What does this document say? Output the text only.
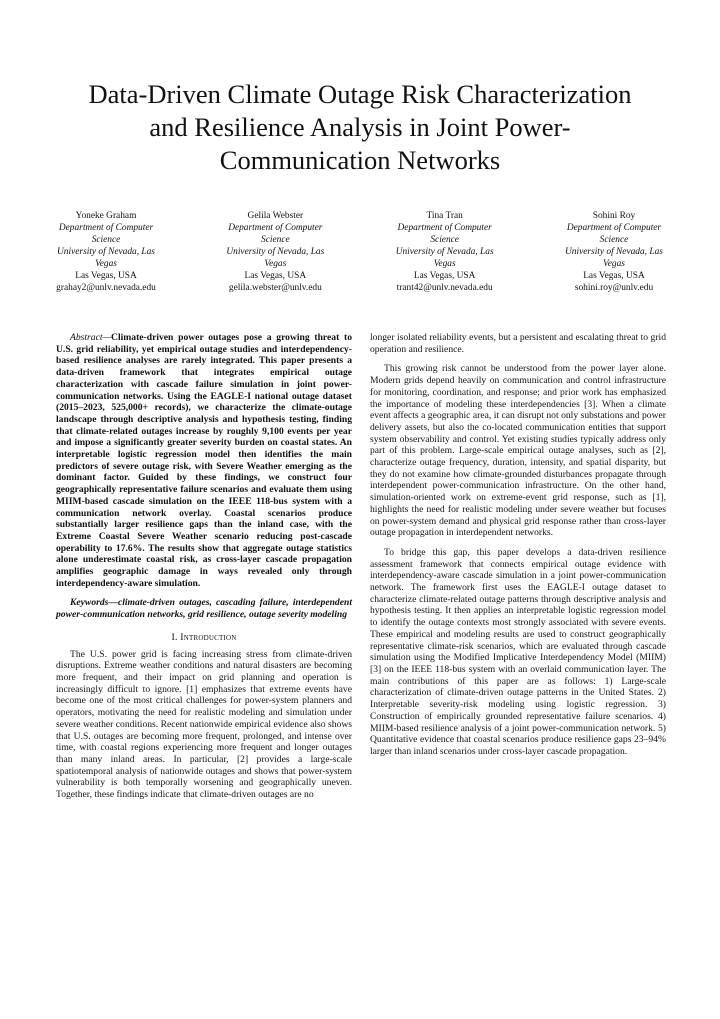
Data-Driven Climate Outage Risk Characterization
and Resilience Analysis in Joint Power-
Communication Networks
Yoneke Graham
Department of Computer
Science
University of Nevada, Las
Vegas
Las Vegas, USA
grahay2@unlv.nevada.edu
Gelila Webster
Department of Computer
Science
University of Nevada, Las
Vegas
Las Vegas, USA
gelila.webster@unlv.edu
Tina Tran
Department of Computer
Science
University of Nevada, Las
Vegas
Las Vegas, USA
trant42@unlv.nevada.edu
Sohini Roy
Department of Computer
Science
University of Nevada, Las
Vegas
Las Vegas, USA
sohini.roy@unlv.edu

Abstract—Climate-driven power outages pose a growing threat to U.S. grid reliability, yet empirical outage studies and interdependency-based resilience analyses are rarely integrated. This paper presents a data-driven framework that integrates empirical outage characterization with cascade failure simulation in joint power-communication networks. Using the EAGLE-I national outage dataset (2015–2023, 525,000+ records), we characterize the climate-outage landscape through descriptive analysis and hypothesis testing, finding that climate-related outages increase by roughly 9,100 events per year and impose a significantly greater severity burden on coastal states. An interpretable logistic regression model then identifies the main predictors of severe outage risk, with Severe Weather emerging as the dominant factor. Guided by these findings, we construct four geographically representative failure scenarios and evaluate them using MIIM-based cascade simulation on the IEEE 118-bus system with a communication network overlay. Coastal scenarios produce substantially larger resilience gaps than the inland case, with the Extreme Coastal Severe Weather scenario reducing post-cascade operability to 17.6%. The results show that aggregate outage statistics alone underestimate coastal risk, as cross-layer cascade propagation amplifies geographic damage in ways revealed only through interdependency-aware simulation.

Keywords—climate-driven outages, cascading failure, interdependent power-communication networks, grid resilience, outage severity modeling

I. Introduction

The U.S. power grid is facing increasing stress from climate-driven disruptions. Extreme weather conditions and natural disasters are becoming more frequent, and their impact on grid planning and operation is increasingly difficult to ignore. [1] emphasizes that extreme events have become one of the most critical challenges for power-system planners and operators, motivating the need for realistic modeling and simulation under severe weather conditions. Recent nationwide empirical evidence also shows that U.S. outages are becoming more frequent, prolonged, and intense over time, with coastal regions experiencing more frequent and longer outages than many inland areas. In particular, [2] provides a large-scale spatiotemporal analysis of nationwide outages and shows that power-system vulnerability is both temporally worsening and geographically uneven. Together, these findings indicate that climate-driven outages are no

longer isolated reliability events, but a persistent and escalating threat to grid operation and resilience.

This growing risk cannot be understood from the power layer alone. Modern grids depend heavily on communication and control infrastructure for monitoring, coordination, and response; and prior work has emphasized the importance of modeling these interdependencies [3]. When a climate event affects a geographic area, it can disrupt not only substations and power delivery assets, but also the co-located communication entities that support system observability and control. Yet existing studies typically address only part of this problem. Large-scale empirical outage analyses, such as [2], characterize outage frequency, duration, intensity, and spatial disparity, but they do not examine how climate-grounded disturbances propagate through interdependent power-communication infrastructure. On the other hand, simulation-oriented work on extreme-event grid response, such as [1], highlights the need for realistic modeling under severe weather but focuses on power-system demand and physical grid response rather than cross-layer outage propagation in interdependent networks.

To bridge this gap, this paper develops a data-driven resilience assessment framework that connects empirical outage evidence with interdependency-aware cascade simulation in a joint power-communication network. The framework first uses the EAGLE-I outage dataset to characterize climate-related outage patterns through descriptive analysis and hypothesis testing. It then applies an interpretable logistic regression model to identify the outage contexts most strongly associated with severe events. These empirical and modeling results are used to construct geographically representative climate-risk scenarios, which are evaluated through cascade simulation using the Modified Implicative Interdependency Model (MIIM) [3] on the IEEE 118-bus system with an overlaid communication layer. The main contributions of this paper are as follows: 1) Large-scale characterization of climate-driven outage patterns in the United States. 2) Interpretable severity-risk modeling using logistic regression. 3) Construction of empirically grounded representative failure scenarios. 4) MIIM-based resilience analysis of a joint power-communication network. 5) Quantitative evidence that coastal scenarios produce resilience gaps 23–94% larger than inland scenarios under cross-layer cascade propagation.
